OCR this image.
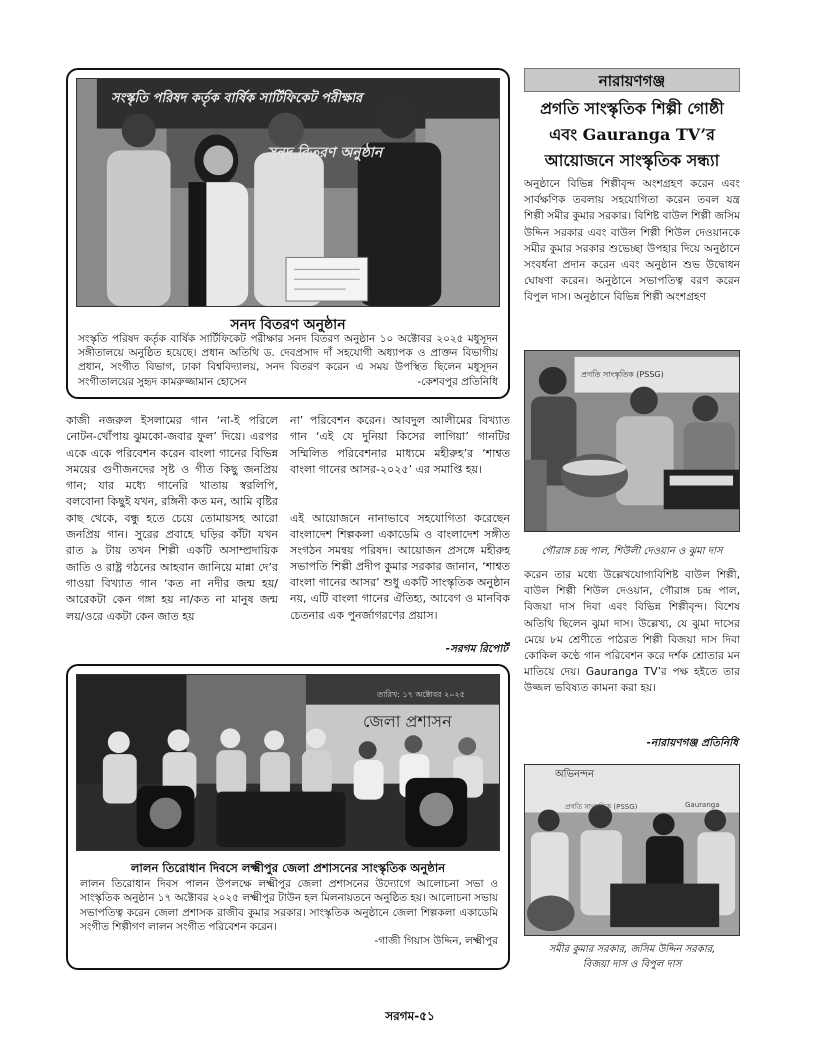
সংস্কৃতি পরিষদ কর্তৃক বার্ষিক সার্টিফিকেট পরীক্ষার
সনদ বিতরণ অনুষ্ঠান
সনদ বিতরণ অনুষ্ঠান

সংস্কৃতি পরিষদ কর্তৃক বার্ষিক সার্টিফিকেট পরীক্ষার সনদ বিতরণ অনুষ্ঠান ১০ অক্টোবর ২০২৫ মধুসূদন সঙ্গীতালয়ে অনুষ্ঠিত হয়েছে। প্রধান অতিথি ড. দেবপ্রসাদ দাঁ সহযোগী অধ্যাপক ও প্রাক্তন বিভাগীয় প্রধান, সংগীত বিভাগ, ঢাকা বিশ্ববিদ্যালয়, সনদ বিতরণ করেন এ সময় উপস্থিত ছিলেন মধুসূদন সংগীতালয়ের সুহৃদ কামরুজ্জামান হোসেন	-কেশবপুর প্রতিনিধি

কাজী নজরুল ইসলামের গান ‘না-ই পরিলে নোটন-খোঁপায় ঝুমকো-জবার ফুল’ দিয়ে। এরপর একে একে পরিবেশন করেন বাংলা গানের বিভিন্ন সময়ের গুণীজনদের সৃষ্ট ও গীত কিছু জনপ্রিয় গান; যার মধ্যে গানেরি খাতায় স্বরলিপি, বলবোনা কিছুই যখন, রঙ্গিনী কত মন, আমি বৃষ্টির কাছ থেকে, বন্ধু হতে চেয়ে তোমায়সহ আরো জনপ্রিয় গান। সুরের প্রবাহে ঘড়ির কাঁটা যখন রাত ৯ টায় তখন শিল্পী একটি অসাম্প্রদায়িক জাতি ও রাষ্ট্র গঠনের আহবান জানিয়ে মান্না দে’র গাওয়া বিখ্যাত গান ‘কত না নদীর জন্ম হয়/আরেকটা কেন গঙ্গা হয় না/কত না মানুষ জন্ম লয়/ওরে একটা কেন জাত হয়

না’ পরিবেশন করেন। আবদুল আলীমের বিখ্যাত গান ‘এই যে দুনিয়া কিসের লাগিয়া’ গানটির সম্মিলিত পরিবেশনার মাধ্যমে মহীরুহ’র ‘শাশ্বত বাংলা গানের আসর-২০২৫’ এর সমাপ্তি হয়।

এই আয়োজনে নানাভাবে সহযোগিতা করেছেন বাংলাদেশ শিল্পকলা একাডেমি ও বাংলাদেশ সঙ্গীত সংগঠন সমন্বয় পরিষদ। আয়োজন প্রসঙ্গে মহীরুহ সভাপতি শিল্পী প্রদীপ কুমার সরকার জানান, ‘শাশ্বত বাংলা গানের আসর’ শুধু একটি সাংস্কৃতিক অনুষ্ঠান নয়, এটি বাংলা গানের ঐতিহ্য, আবেগ ও মানবিক চেতনার এক পুনর্জাগরণের প্রয়াস।

-সরগম রিপোর্ট
জেলা প্রশাসন
তারিখ: ১৭ অক্টোবর ২০২৫
লালন তিরোধান দিবসে লক্ষ্মীপুর জেলা প্রশাসনের সাংস্কৃতিক অনুষ্ঠান

লালন তিরোধান দিবস পালন উপলক্ষে লক্ষ্মীপুর জেলা প্রশাসনের উদ্যোগে আলোচনা সভা ও সাংস্কৃতিক অনুষ্ঠান ১৭ অক্টোবর ২০২৫ লক্ষ্মীপুর টাউন হল মিলনায়তনে অনুষ্ঠিত হয়। আলোচনা সভায় সভাপতিত্ব করেন জেলা প্রশাসক রাজীব কুমার সরকার। সাংস্কৃতিক অনুষ্ঠানে জেলা শিল্পকলা একাডেমি সংগীত শিল্পীগণ লালন সংগীত পরিবেশন করেন।

-গাজী গিয়াস উদ্দিন, লক্ষ্মীপুর
নারায়ণগঞ্জ
প্রগতি সাংস্কৃতিক শিল্পী গোষ্ঠী
এবং Gauranga TV’র
আয়োজনে সাংস্কৃতিক সন্ধ্যা

অনুষ্ঠানে বিভিন্ন শিল্পীবৃন্দ অংশগ্রহণ করেন এবং সার্বক্ষণিক তবলায় সহযোগিতা করেন তবল যন্ত্র শিল্পী সমীর কুমার সরকার। বিশিষ্ট বাউল শিল্পী জসিম উদ্দিন সরকার এবং বাউল শিল্পী শিউল দেওয়ানকে সমীর কুমার সরকার শুভেচ্ছা উপহার দিয়ে অনুষ্ঠানে সংবর্ধনা প্রদান করেন এবং অনুষ্ঠান শুভ উদ্বোধন ঘোষণা করেন। অনুষ্ঠানে সভাপতিত্ব বরণ করেন বিপুল দাস। অনুষ্ঠানে বিভিন্ন শিল্পী অংশগ্রহণ

প্রগতি সাংস্কৃতিক (PSSG)
গৌরাঙ্গ চন্দ্র পাল, শিউলী দেওয়ান ও ঝুমা দাস

করেন তার মধ্যে উল্লেখযোগ্যবিশিষ্ট বাউল শিল্পী, বাউল শিল্পী শিউল দেওয়ান, গৌরাঙ্গ চন্দ্র পাল, বিজয়া দাস দিবা এবং বিভিন্ন শিল্পীবৃন্দ। বিশেষ অতিথি ছিলেন ঝুমা দাস। উল্লেখ্য, যে ঝুমা দাসের মেয়ে ৮ম শ্রেণীতে পাঠরত শিল্পী বিজয়া দাস দিবা কোকিল কণ্ঠে গান পরিবেশন করে দর্শক শ্রোতার মন মাতিয়ে দেয়। Gauranga TV’র পক্ষ হইতে তার উজ্জল ভবিষ্যত কামনা করা হয়।

-নারায়ণগঞ্জ প্রতিনিধি
অভিনন্দন
প্রগতি সাংস্কৃতিক (PSSG)	Gauranga
সমীর কুমার সরকার, জসিম উদ্দিন সরকার,
বিজয়া দাস ও বিপুল দাস
সরগম-৫১
